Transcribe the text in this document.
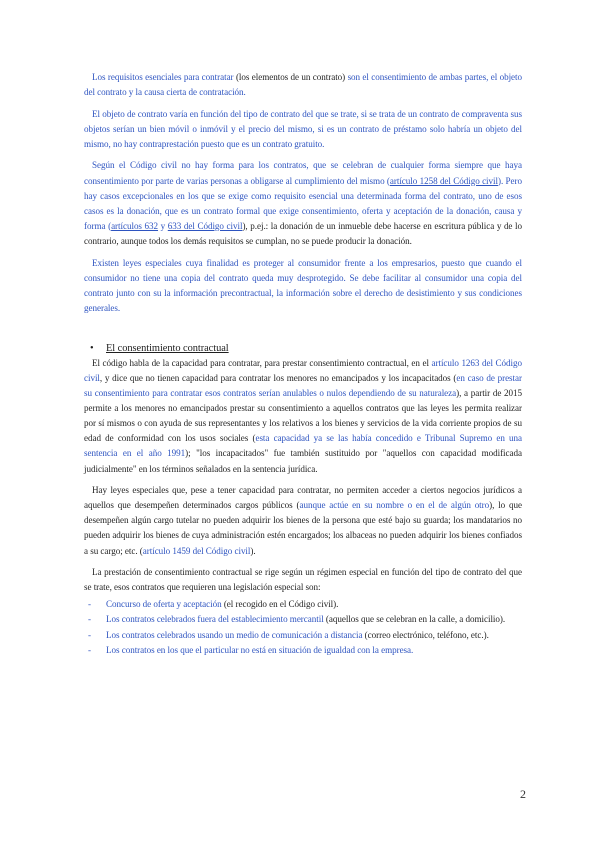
Los requisitos esenciales para contratar (los elementos de un contrato) son el consentimiento de ambas partes, el objeto del contrato y la causa cierta de contratación.

El objeto de contrato varía en función del tipo de contrato del que se trate, si se trata de un contrato de compraventa sus objetos serían un bien móvil o inmóvil y el precio del mismo, si es un contrato de préstamo solo habría un objeto del mismo, no hay contraprestación puesto que es un contrato gratuito.

Según el Código civil no hay forma para los contratos, que se celebran de cualquier forma siempre que haya consentimiento por parte de varias personas a obligarse al cumplimiento del mismo (artículo 1258 del Código civil). Pero hay casos excepcionales en los que se exige como requisito esencial una determinada forma del contrato, uno de esos casos es la donación, que es un contrato formal que exige consentimiento, oferta y aceptación de la donación, causa y forma (artículos 632 y 633 del Código civil), p.ej.: la donación de un inmueble debe hacerse en escritura pública y de lo contrario, aunque todos los demás requisitos se cumplan, no se puede producir la donación.

Existen leyes especiales cuya finalidad es proteger al consumidor frente a los empresarios, puesto que cuando el consumidor no tiene una copia del contrato queda muy desprotegido. Se debe facilitar al consumidor una copia del contrato junto con su la información precontractual, la información sobre el derecho de desistimiento y sus condiciones generales.

• El consentimiento contractual

El código habla de la capacidad para contratar, para prestar consentimiento contractual, en el artículo 1263 del Código civil, y dice que no tienen capacidad para contratar los menores no emancipados y los incapacitados (en caso de prestar su consentimiento para contratar esos contratos serían anulables o nulos dependiendo de su naturaleza), a partir de 2015 permite a los menores no emancipados prestar su consentimiento a aquellos contratos que las leyes les permita realizar por sí mismos o con ayuda de sus representantes y los relativos a los bienes y servicios de la vida corriente propios de su edad de conformidad con los usos sociales (esta capacidad ya se las había concedido e Tribunal Supremo en una sentencia en el año 1991); "los incapacitados" fue también sustituido por "aquellos con capacidad modificada judicialmente" en los términos señalados en la sentencia jurídica.

Hay leyes especiales que, pese a tener capacidad para contratar, no permiten acceder a ciertos negocios jurídicos a aquellos que desempeñen determinados cargos públicos (aunque actúe en su nombre o en el de algún otro), lo que desempeñen algún cargo tutelar no pueden adquirir los bienes de la persona que esté bajo su guarda; los mandatarios no pueden adquirir los bienes de cuya administración estén encargados; los albaceas no pueden adquirir los bienes confiados a su cargo; etc. (artículo 1459 del Código civil).

La prestación de consentimiento contractual se rige según un régimen especial en función del tipo de contrato del que se trate, esos contratos que requieren una legislación especial son:

- Concurso de oferta y aceptación (el recogido en el Código civil).
- Los contratos celebrados fuera del establecimiento mercantil (aquellos que se celebran en la calle, a domicilio).
- Los contratos celebrados usando un medio de comunicación a distancia (correo electrónico, teléfono, etc.).
- Los contratos en los que el particular no está en situación de igualdad con la empresa.
2
